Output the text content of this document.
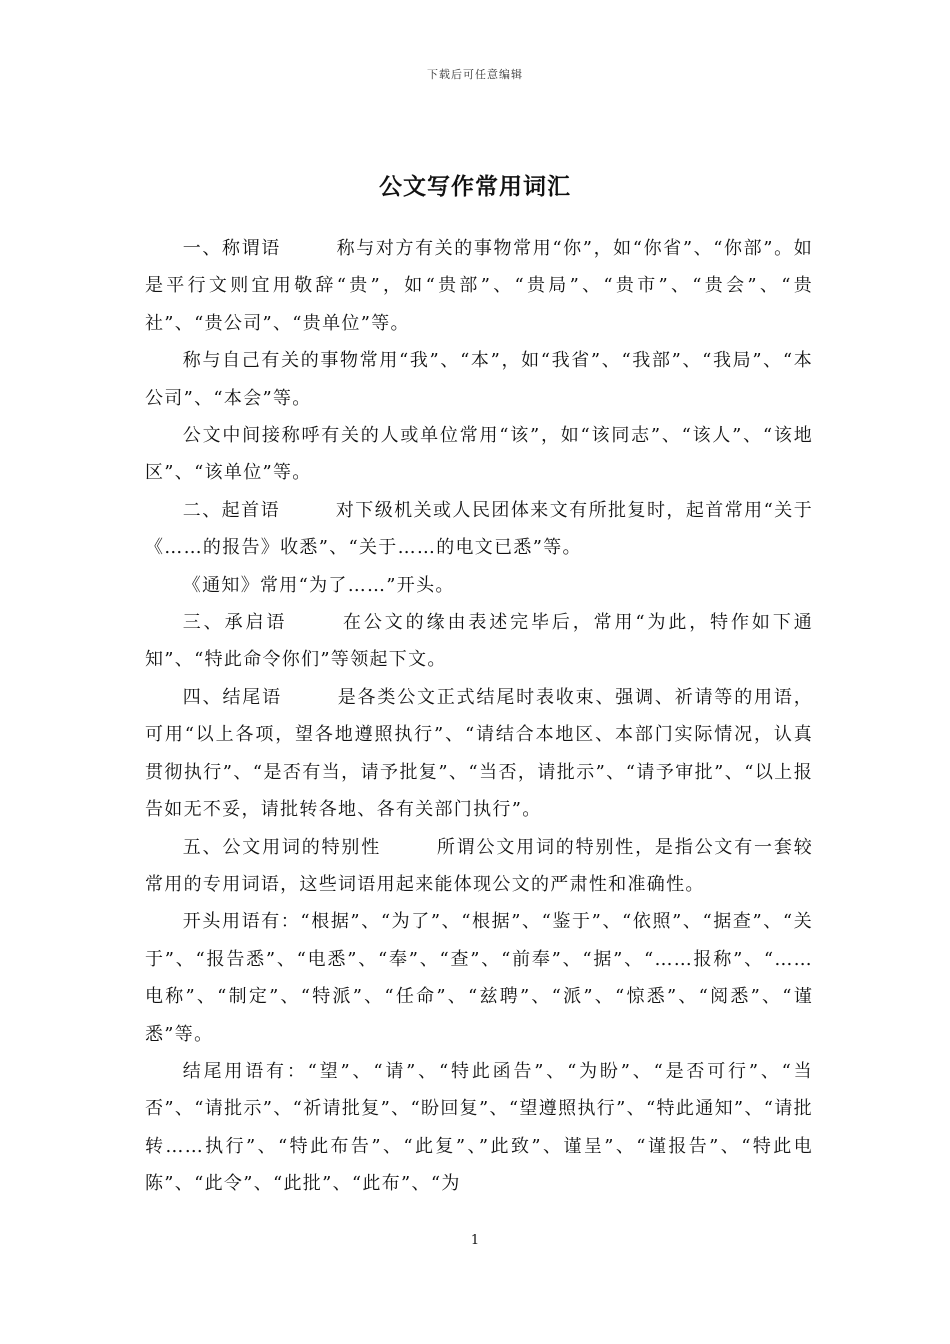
下载后可任意编辑
公文写作常用词汇

一、称谓语	称与对方有关的事物常用“你”，如“你省”、“你部”。如是平行文则宜用敬辞“贵”，如“贵部”、“贵局”、“贵市”、“贵会”、“贵社”、“贵公司”、“贵单位”等。

称与自己有关的事物常用“我”、“本”，如“我省”、“我部”、“我局”、“本公司”、“本会”等。

公文中间接称呼有关的人或单位常用“该”，如“该同志”、“该人”、“该地区”、“该单位”等。

二、起首语	对下级机关或人民团体来文有所批复时，起首常用“关于《……的报告》收悉”、“关于……的电文已悉”等。

《通知》常用“为了……”开头。

三、承启语	在公文的缘由表述完毕后，常用“为此，特作如下通知”、“特此命令你们”等领起下文。

四、结尾语	是各类公文正式结尾时表收束、强调、祈请等的用语，可用“以上各项，望各地遵照执行”、“请结合本地区、本部门实际情况，认真贯彻执行”、“是否有当，请予批复”、“当否，请批示”、“请予审批”、“以上报告如无不妥，请批转各地、各有关部门执行”。

五、公文用词的特别性	所谓公文用词的特别性，是指公文有一套较常用的专用词语，这些词语用起来能体现公文的严肃性和准确性。

开头用语有：“根据”、“为了”、“根据”、“鉴于”、“依照”、“据查”、“关于”、“报告悉”、“电悉”、“奉”、“查”、“前奉”、“据”、“……报称”、“……电称”、“制定”、“特派”、“任命”、“兹聘”、“派”、“惊悉”、“阅悉”、“谨悉”等。

结尾用语有：“望”、“请”、“特此函告”、“为盼”、“是否可行”、“当否”、“请批示”、“祈请批复”、“盼回复”、“望遵照执行”、“特此通知”、“请批转……执行”、“特此布告”、“此复”、”此致”、谨呈”、“谨报告”、“特此电陈”、“此令”、“此批”、“此布”、“为

1
